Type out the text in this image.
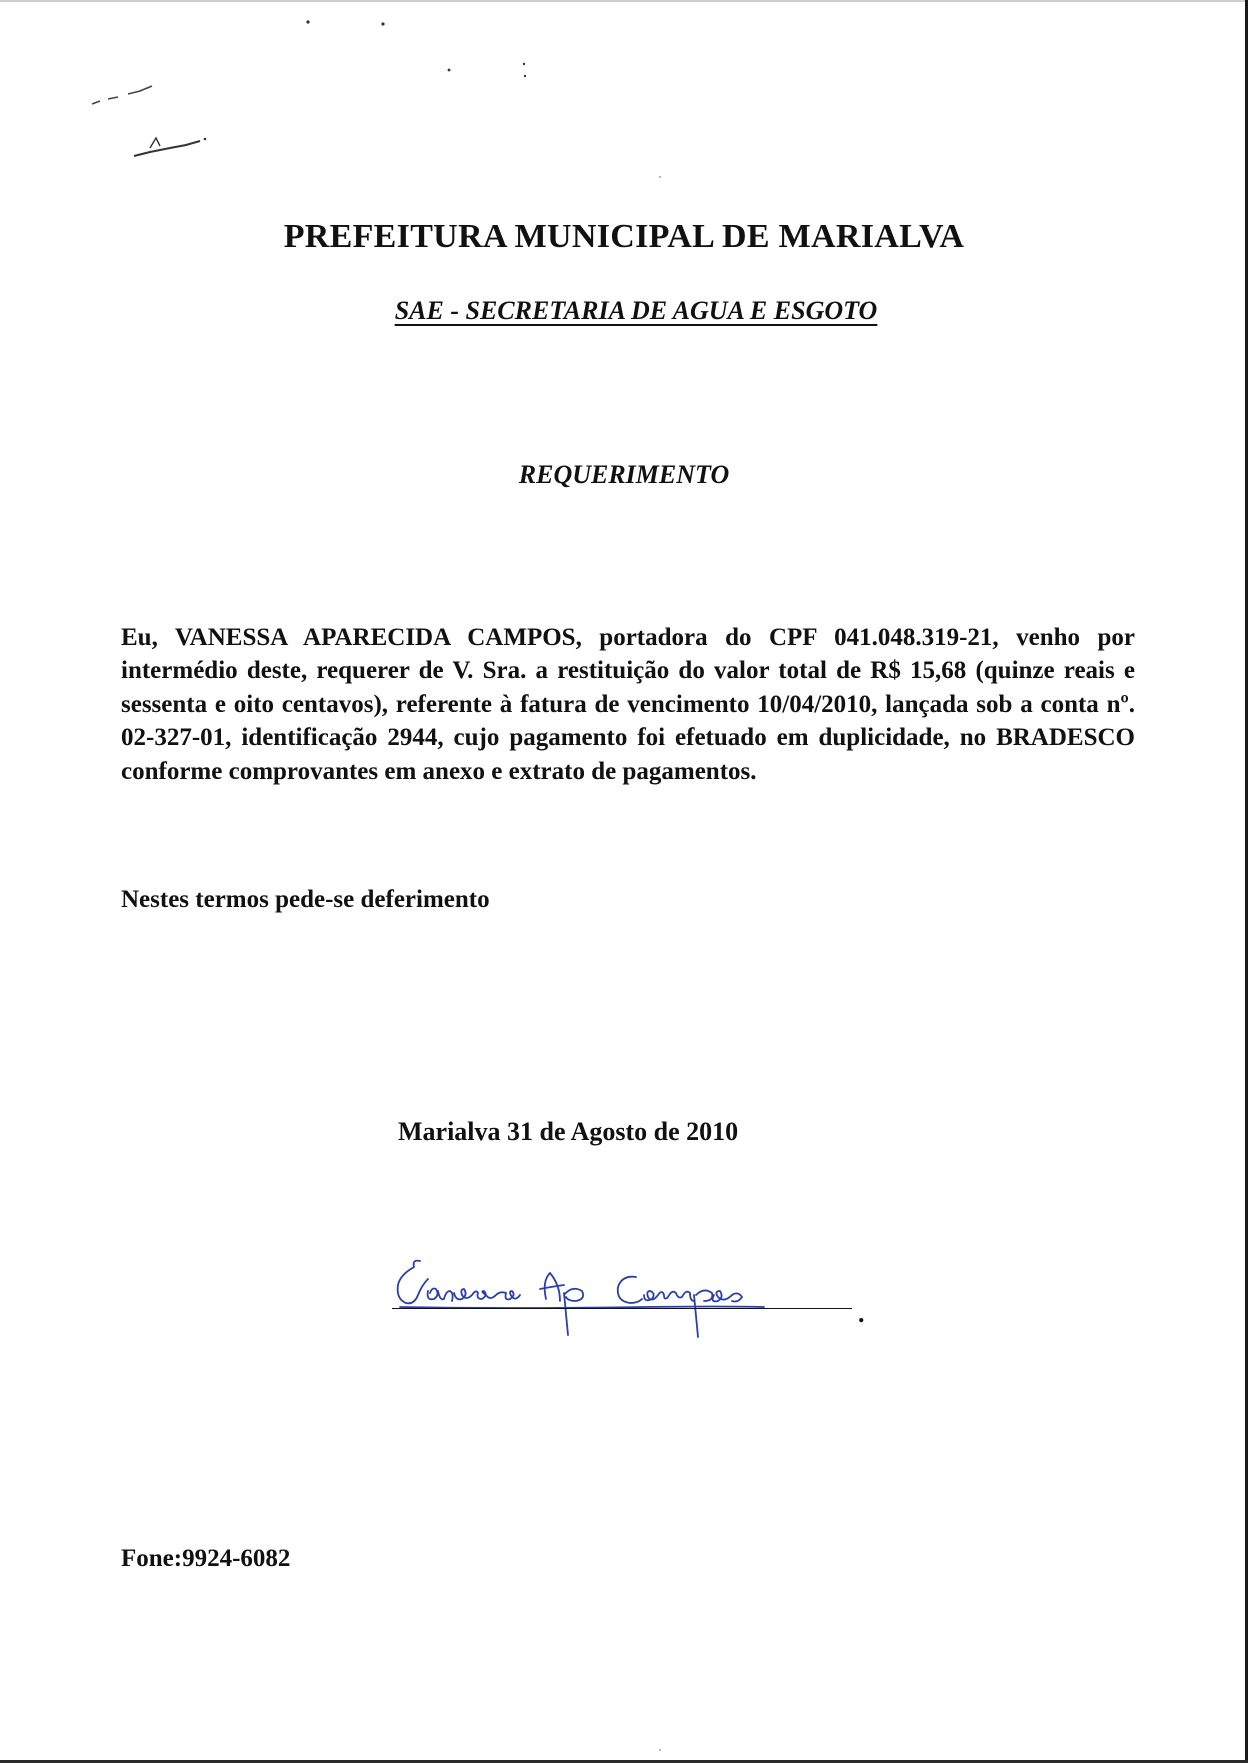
PREFEITURA MUNICIPAL DE MARIALVA
SAE - SECRETARIA DE AGUA E ESGOTO
REQUERIMENTO

Eu, VANESSA APARECIDA CAMPOS, portadora do CPF 041.048.319-21, venho por intermédio deste, requerer de V. Sra. a restituição do valor total de R$ 15,68 (quinze reais e sessenta e oito centavos), referente à fatura de vencimento 10/04/2010, lançada sob a conta nº. 02-327-01, identificação 2944, cujo pagamento foi efetuado em duplicidade, no BRADESCO conforme comprovantes em anexo e extrato de pagamentos.

Nestes termos pede-se deferimento

Marialva 31 de Agosto de 2010

.

Fone:9924-6082
